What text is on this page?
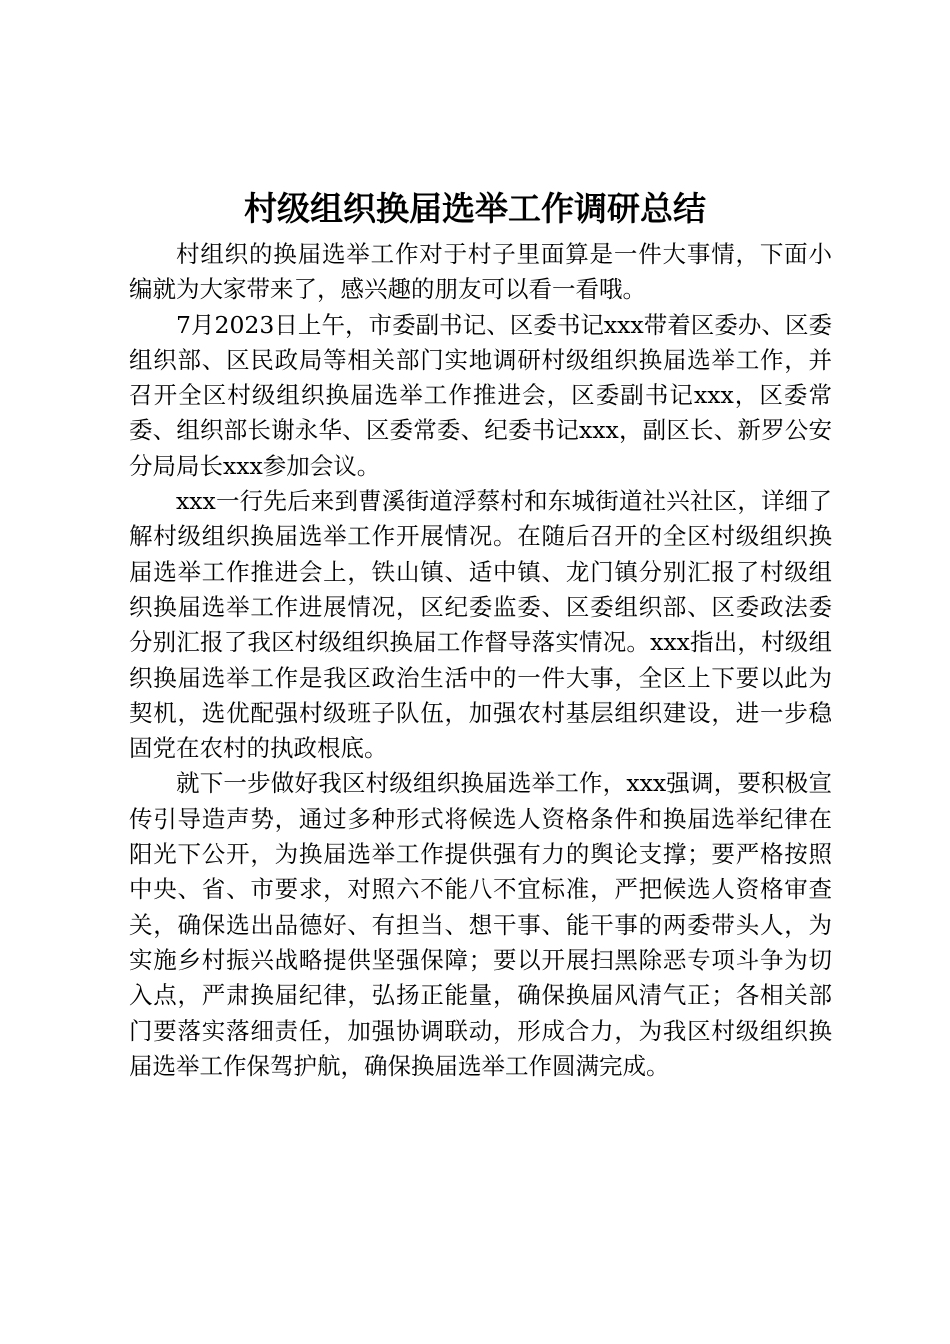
村级组织换届选举工作调研总结

村组织的换届选举工作对于村子里面算是一件大事情，下面小编就为大家带来了，感兴趣的朋友可以看一看哦。

7月2023日上午，市委副书记、区委书记xxx带着区委办、区委组织部、区民政局等相关部门实地调研村级组织换届选举工作，并召开全区村级组织换届选举工作推进会，区委副书记xxx，区委常委、组织部长谢永华、区委常委、纪委书记xxx，副区长、新罗公安分局局长xxx参加会议。

xxx一行先后来到曹溪街道浮蔡村和东城街道社兴社区，详细了解村级组织换届选举工作开展情况。在随后召开的全区村级组织换届选举工作推进会上，铁山镇、适中镇、龙门镇分别汇报了村级组织换届选举工作进展情况，区纪委监委、区委组织部、区委政法委分别汇报了我区村级组织换届工作督导落实情况。xxx指出，村级组织换届选举工作是我区政治生活中的一件大事，全区上下要以此为契机，选优配强村级班子队伍，加强农村基层组织建设，进一步稳固党在农村的执政根底。

就下一步做好我区村级组织换届选举工作，xxx强调，要积极宣传引导造声势，通过多种形式将候选人资格条件和换届选举纪律在阳光下公开，为换届选举工作提供强有力的舆论支撑；要严格按照中央、省、市要求，对照六不能八不宜标准，严把候选人资格审查关，确保选出品德好、有担当、想干事、能干事的两委带头人，为实施乡村振兴战略提供坚强保障；要以开展扫黑除恶专项斗争为切入点，严肃换届纪律，弘扬正能量，确保换届风清气正；各相关部门要落实落细责任，加强协调联动，形成合力，为我区村级组织换届选举工作保驾护航，确保换届选举工作圆满完成。
